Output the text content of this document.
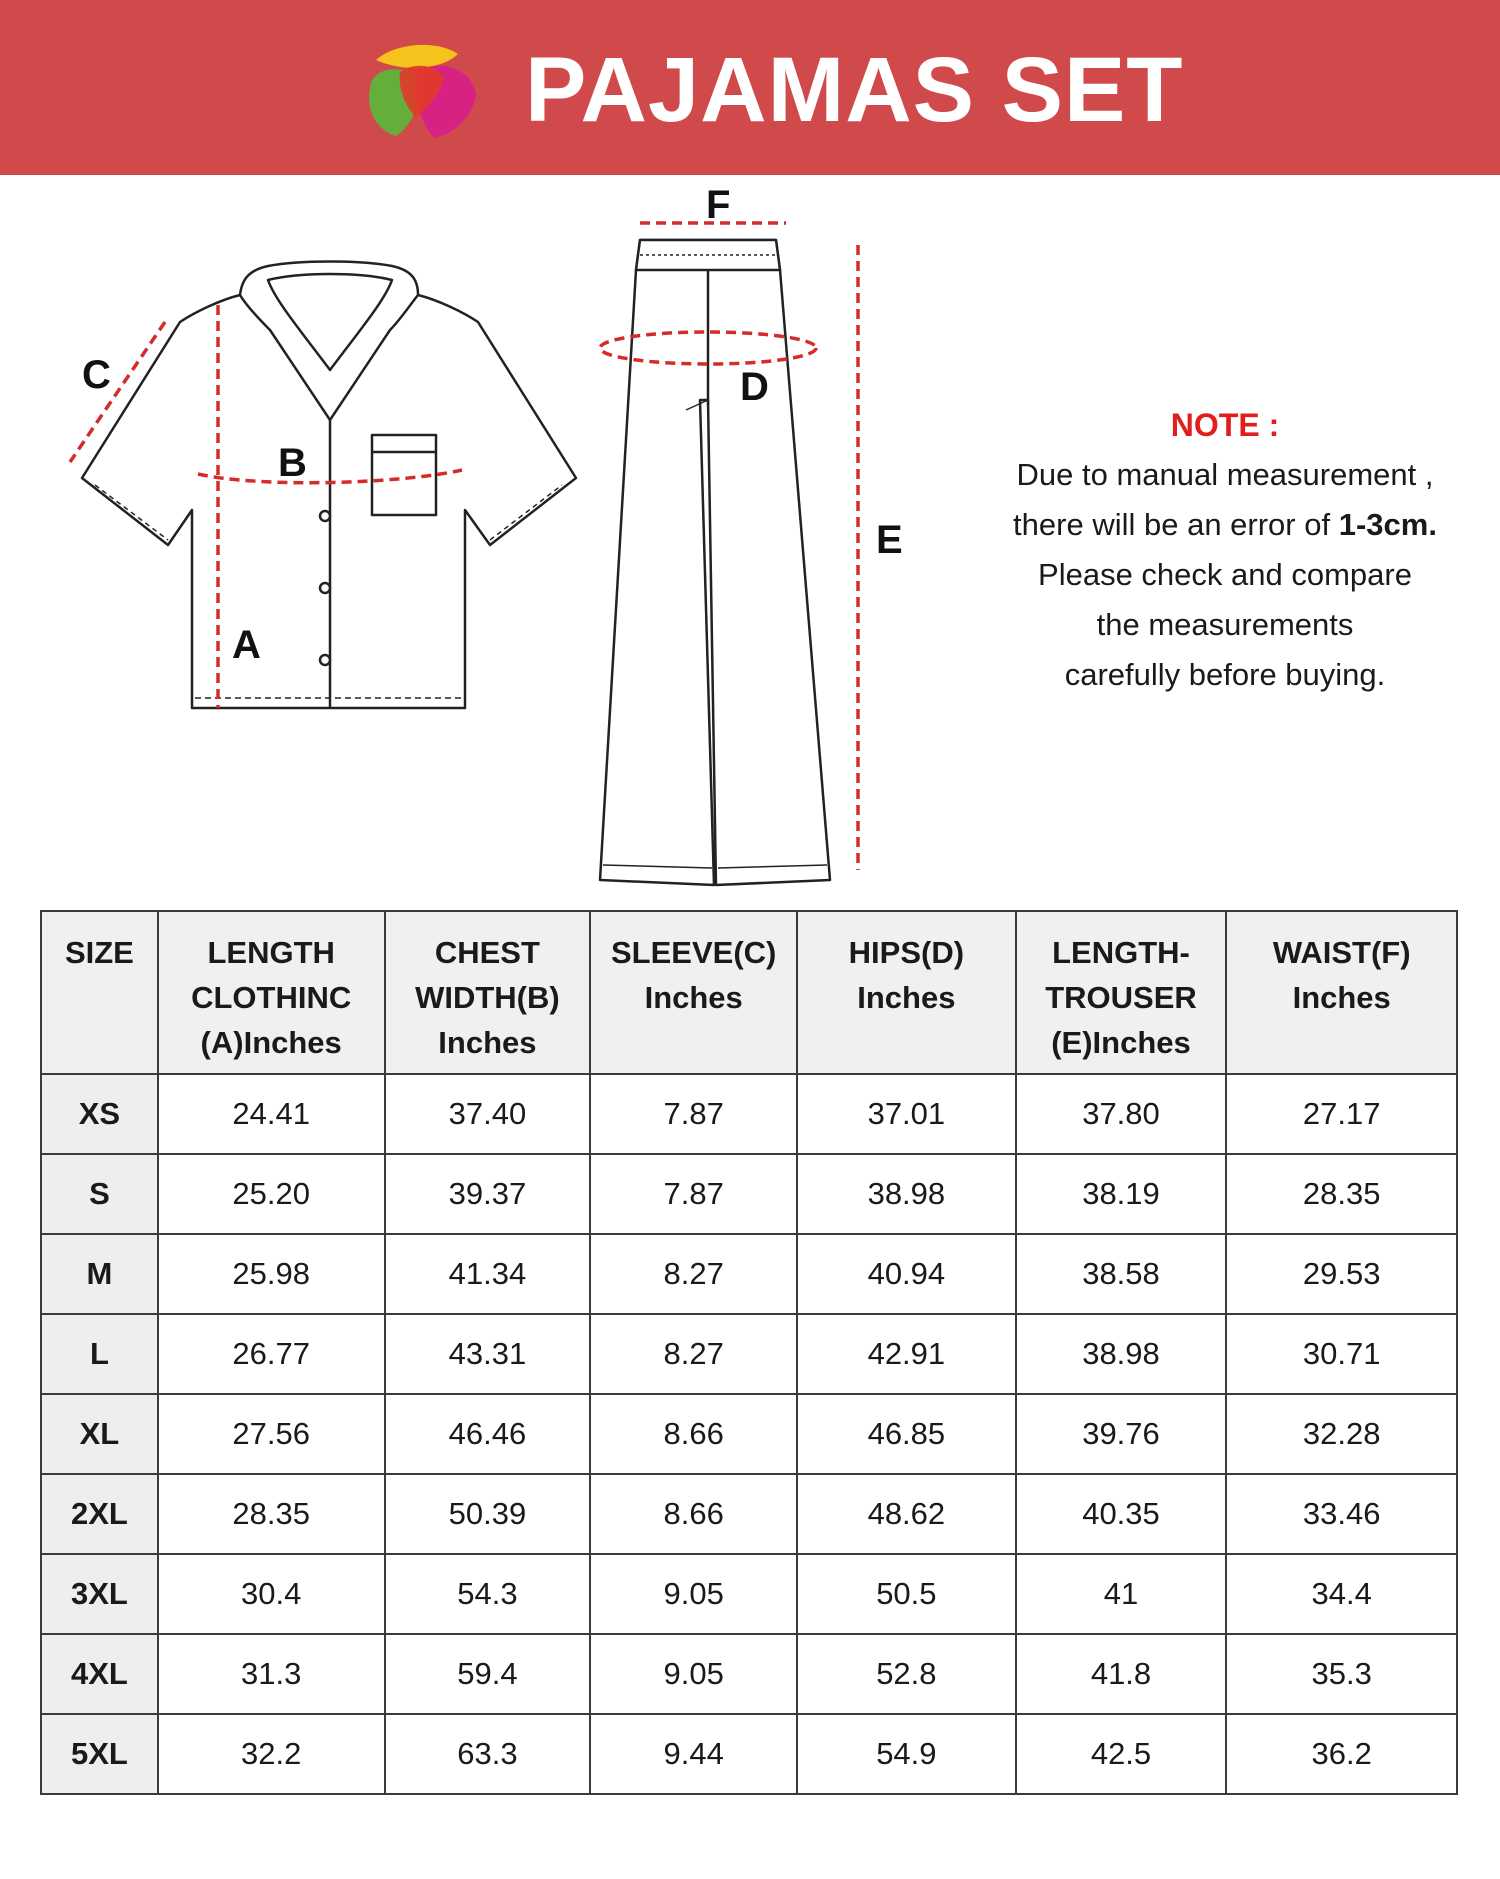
PAJAMAS SET
C
B
A
F
D
E
NOTE :
Due to manual measurement ,
there will be an error of 1-3cm.
Please check and compare
the measurements
carefully before buying.
SIZE	LENGTH
CLOTHINC
(A)Inches	CHEST
WIDTH(B)
Inches	SLEEVE(C)
Inches	HIPS(D)
Inches	LENGTH-
TROUSER
(E)Inches	WAIST(F)
Inches

XS	24.41	37.40	7.87	37.01	37.80	27.17
S	25.20	39.37	7.87	38.98	38.19	28.35
M	25.98	41.34	8.27	40.94	38.58	29.53
L	26.77	43.31	8.27	42.91	38.98	30.71
XL	27.56	46.46	8.66	46.85	39.76	32.28
2XL	28.35	50.39	8.66	48.62	40.35	33.46
3XL	30.4	54.3	9.05	50.5	41	34.4
4XL	31.3	59.4	9.05	52.8	41.8	35.3
5XL	32.2	63.3	9.44	54.9	42.5	36.2
